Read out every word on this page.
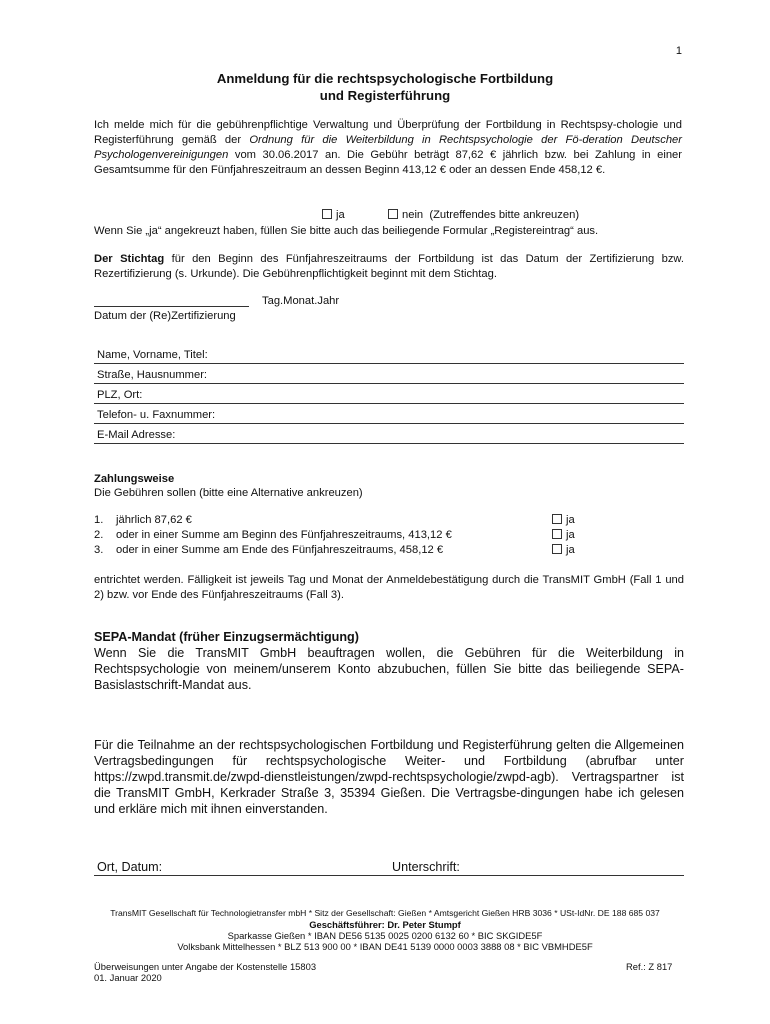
1
Anmeldung für die rechtspsychologische Fortbildung
und Registerführung
Ich melde mich für die gebührenpflichtige Verwaltung und Überprüfung der Fortbildung in Rechtspsy-chologie und Registerführung gemäß der Ordnung für die Weiterbildung in Rechtspsychologie der Fö-deration Deutscher Psychologenvereinigungen vom 30.06.2017 an. Die Gebühr beträgt 87,62 € jährlich bzw. bei Zahlung in einer Gesamtsumme für den Fünfjahreszeitraum an dessen Beginn 413,12 € oder an dessen Ende 458,12 €.
ja	nein (Zutreffendes bitte ankreuzen)
Wenn Sie „ja“ angekreuzt haben, füllen Sie bitte auch das beiliegende Formular „Registereintrag“ aus.
Der Stichtag für den Beginn des Fünfjahreszeitraums der Fortbildung ist das Datum der Zertifizierung bzw. Rezertifizierung (s. Urkunde). Die Gebührenpflichtigkeit beginnt mit dem Stichtag.
Tag.Monat.Jahr
Datum der (Re)Zertifizierung
Name, Vorname, Titel:
Straße, Hausnummer:
PLZ, Ort:
Telefon- u. Faxnummer:
E-Mail Adresse:
Zahlungsweise
Die Gebühren sollen (bitte eine Alternative ankreuzen)
1. jährlich 87,62 €	ja
2. oder in einer Summe am Beginn des Fünfjahreszeitraums, 413,12 €	ja
3. oder in einer Summe am Ende des Fünfjahreszeitraums, 458,12 €	ja
entrichtet werden. Fälligkeit ist jeweils Tag und Monat der Anmeldebestätigung durch die TransMIT GmbH (Fall 1 und 2) bzw. vor Ende des Fünfjahreszeitraums (Fall 3).
SEPA-Mandat (früher Einzugsermächtigung)
Wenn Sie die TransMIT GmbH beauftragen wollen, die Gebühren für die Weiterbildung in Rechtspsychologie von meinem/unserem Konto abzubuchen, füllen Sie bitte das beiliegende SEPA-Basislastschrift-Mandat aus.
Für die Teilnahme an der rechtspsychologischen Fortbildung und Registerführung gelten die Allgemeinen Vertragsbedingungen für rechtspsychologische Weiter- und Fortbildung (abrufbar unter https://zwpd.transmit.de/zwpd-dienstleistungen/zwpd-rechtspsychologie/zwpd-agb). Vertragspartner ist die TransMIT GmbH, Kerkrader Straße 3, 35394 Gießen. Die Vertragsbe-dingungen habe ich gelesen und erkläre mich mit ihnen einverstanden.
Ort, Datum:	Unterschrift:
TransMIT Gesellschaft für Technologietransfer mbH * Sitz der Gesellschaft: Gießen * Amtsgericht Gießen HRB 3036 * USt-IdNr. DE 188 685 037
Geschäftsführer: Dr. Peter Stumpf
Sparkasse Gießen * IBAN DE56 5135 0025 0200 6132 60 * BIC SKGIDE5F
Volksbank Mittelhessen * BLZ 513 900 00 * IBAN DE41 5139 0000 0003 3888 08 * BIC VBMHDE5F
Überweisungen unter Angabe der Kostenstelle 15803
01. Januar 2020
Ref.: Z 817
